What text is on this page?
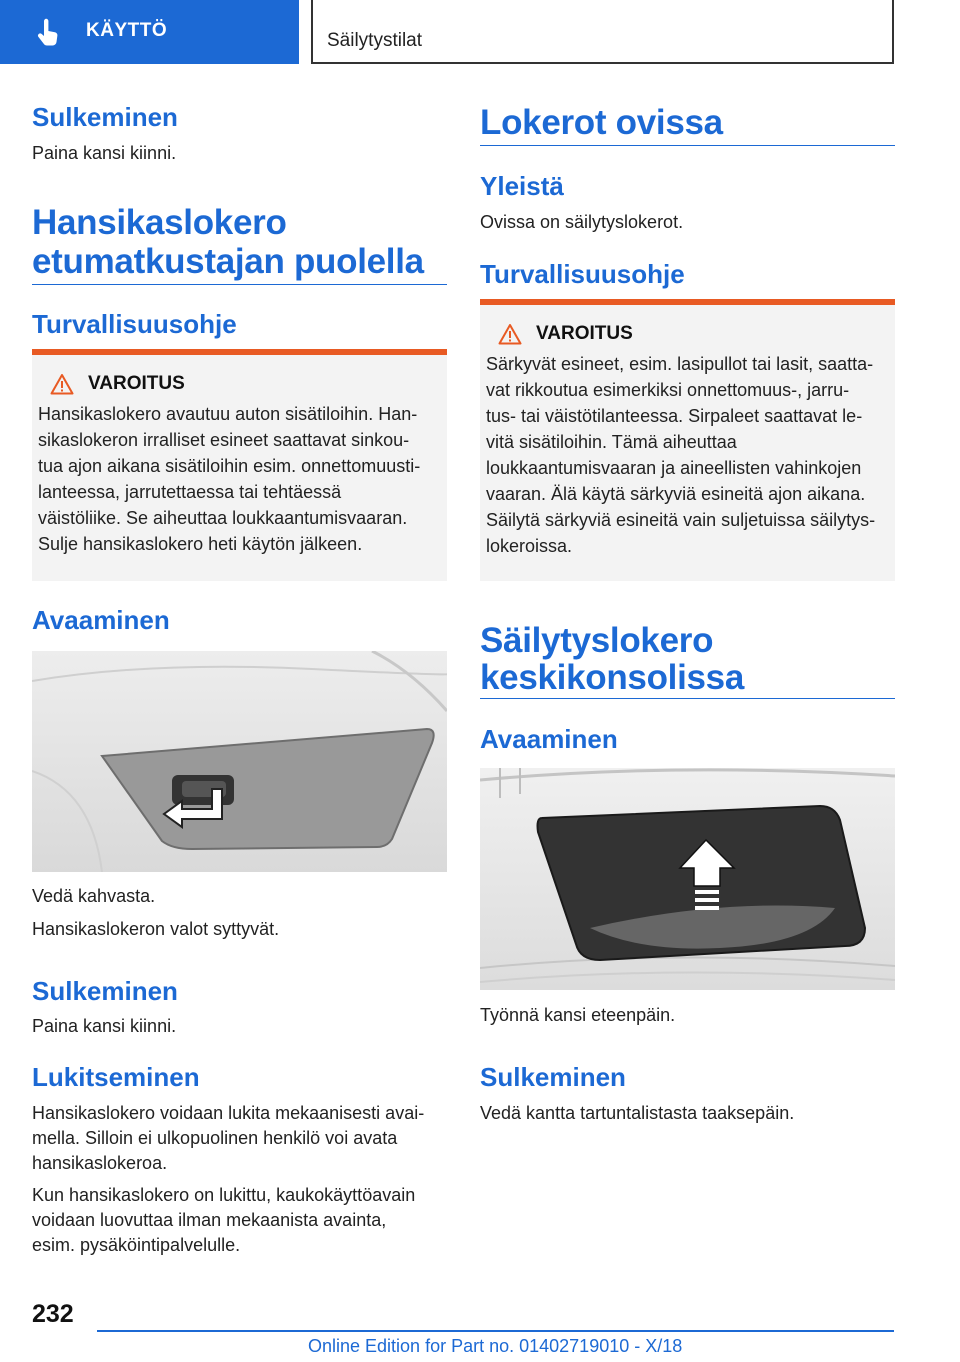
KÄYTTÖ	Säilytystilat
Sulkeminen
Paina kansi kiinni.
Hansikaslokero
etumatkustajan puolella
Turvallisuusohje
VAROITUS
Hansikaslokero avautuu auton sisätiloihin. Han-
sikaslokeron irralliset esineet saattavat sinkou-
tua ajon aikana sisätiloihin esim. onnettomuusti-
lanteessa, jarrutettaessa tai tehtäessä
väistöliike. Se aiheuttaa loukkaantumisvaaran.
Sulje hansikaslokero heti käytön jälkeen.
Avaaminen
Vedä kahvasta.
Hansikaslokeron valot syttyvät.
Sulkeminen
Paina kansi kiinni.
Lukitseminen
Hansikaslokero voidaan lukita mekaanisesti avai-
mella. Silloin ei ulkopuolinen henkilö voi avata
hansikaslokeroa.
Kun hansikaslokero on lukittu, kaukokäyttöavain
voidaan luovuttaa ilman mekaanista avainta,
esim. pysäköintipalvelulle.
Lokerot ovissa
Yleistä
Ovissa on säilytyslokerot.
Turvallisuusohje
VAROITUS
Särkyvät esineet, esim. lasipullot tai lasit, saatta-
vat rikkoutua esimerkiksi onnettomuus-, jarru-
tus- tai väistötilanteessa. Sirpaleet saattavat le-
vitä sisätiloihin. Tämä aiheuttaa
loukkaantumisvaaran ja aineellisten vahinkojen
vaaran. Älä käytä särkyviä esineitä ajon aikana.
Säilytä särkyviä esineitä vain suljetuissa säilytys-
lokeroissa.
Säilytyslokero
keskikonsolissa
Avaaminen
Työnnä kansi eteenpäin.
Sulkeminen
Vedä kantta tartuntalistasta taaksepäin.
232
Online Edition for Part no. 01402719010 - X/18
